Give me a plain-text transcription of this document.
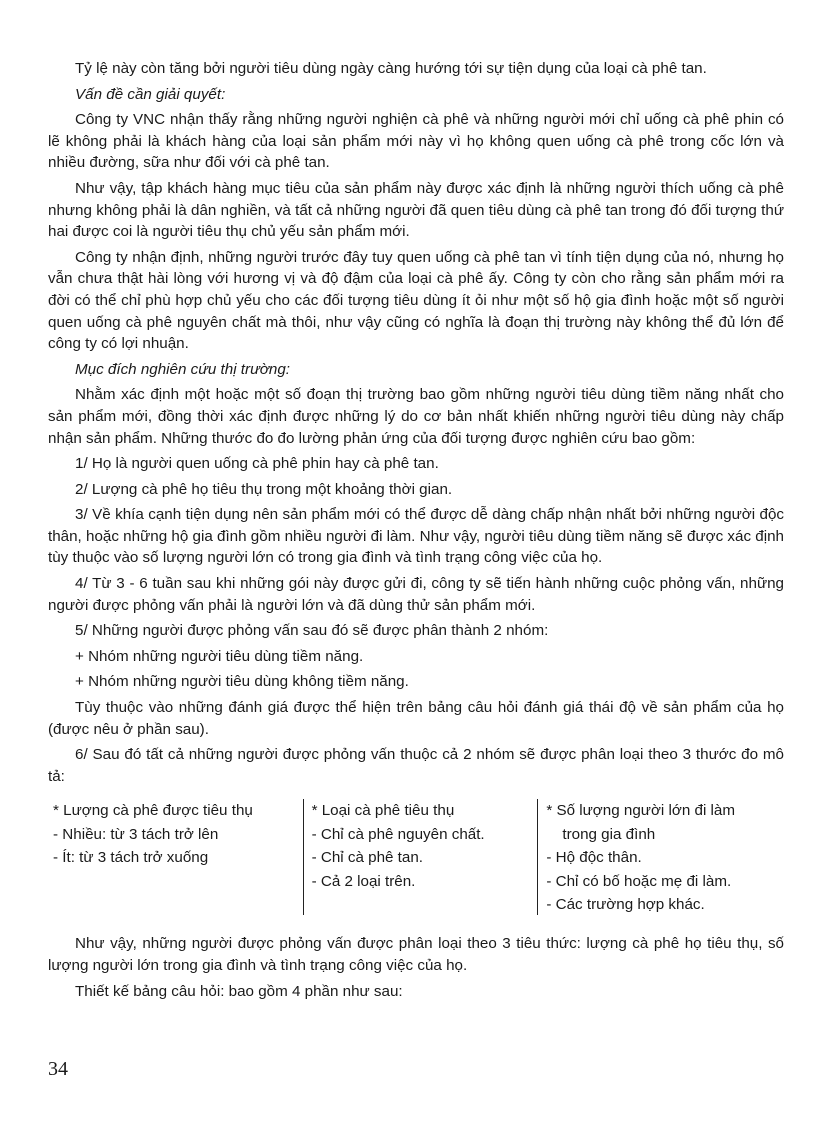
Tỷ lệ này còn tăng bởi người tiêu dùng ngày càng hướng tới sự tiện dụng của loại cà phê tan.

Vấn đề cần giải quyết:

Công ty VNC nhận thấy rằng những người nghiện cà phê và những người mới chỉ uống cà phê phin có lẽ không phải là khách hàng của loại sản phẩm mới này vì họ không quen uống cà phê trong cốc lớn và nhiều đường, sữa như đối với cà phê tan.

Như vậy, tập khách hàng mục tiêu của sản phẩm này được xác định là những người thích uống cà phê nhưng không phải là dân nghiền, và tất cả những người đã quen tiêu dùng cà phê tan trong đó đối tượng thứ hai được coi là người tiêu thụ chủ yếu sản phẩm mới.

Công ty nhận định, những người trước đây tuy quen uống cà phê tan vì tính tiện dụng của nó, nhưng họ vẫn chưa thật hài lòng với hương vị và độ đậm của loại cà phê ấy. Công ty còn cho rằng sản phẩm mới ra đời có thể chỉ phù hợp chủ yếu cho các đối tượng tiêu dùng ít ỏi như một số hộ gia đình hoặc một số người quen uống cà phê nguyên chất mà thôi, như vậy cũng có nghĩa là đoạn thị trường này không thể đủ lớn để công ty có lợi nhuận.

Mục đích nghiên cứu thị trường:

Nhằm xác định một hoặc một số đoạn thị trường bao gồm những người tiêu dùng tiềm năng nhất cho sản phẩm mới, đồng thời xác định được những lý do cơ bản nhất khiến những người tiêu dùng này chấp nhận sản phẩm. Những thước đo đo lường phản ứng của đối tượng được nghiên cứu bao gồm:

1/ Họ là người quen uống cà phê phin hay cà phê tan.

2/ Lượng cà phê họ tiêu thụ trong một khoảng thời gian.

3/ Về khía cạnh tiện dụng nên sản phẩm mới có thể được dễ dàng chấp nhận nhất bởi những người độc thân, hoặc những hộ gia đình gồm nhiều người đi làm. Như vậy, người tiêu dùng tiềm năng sẽ được xác định tùy thuộc vào số lượng người lớn có trong gia đình và tình trạng công việc của họ.

4/ Từ 3 - 6 tuần sau khi những gói này được gửi đi, công ty sẽ tiến hành những cuộc phỏng vấn, những người được phỏng vấn phải là người lớn và đã dùng thử sản phẩm mới.

5/ Những người được phỏng vấn sau đó sẽ được phân thành 2 nhóm:

+ Nhóm những người tiêu dùng tiềm năng.

+ Nhóm những người tiêu dùng không tiềm năng.

Tùy thuộc vào những đánh giá được thể hiện trên bảng câu hỏi đánh giá thái độ về sản phẩm của họ (được nêu ở phần sau).

6/ Sau đó tất cả những người được phỏng vấn thuộc cả 2 nhóm sẽ được phân loại theo 3 thước đo mô tả:

* Lượng cà phê được tiêu thụ
- Nhiều: từ 3 tách trở lên
- Ít: từ 3 tách trở xuống
* Loại cà phê tiêu thụ
- Chỉ cà phê nguyên chất.
- Chỉ cà phê tan.
- Cả 2 loại trên.
* Số lượng người lớn đi làm
trong gia đình
- Hộ độc thân.
- Chỉ có bố hoặc mẹ đi làm.
- Các trường hợp khác.

Như vậy, những người được phỏng vấn được phân loại theo 3 tiêu thức: lượng cà phê họ tiêu thụ, số lượng người lớn trong gia đình và tình trạng công việc của họ.

Thiết kế bảng câu hỏi: bao gồm 4 phần như sau:

34
